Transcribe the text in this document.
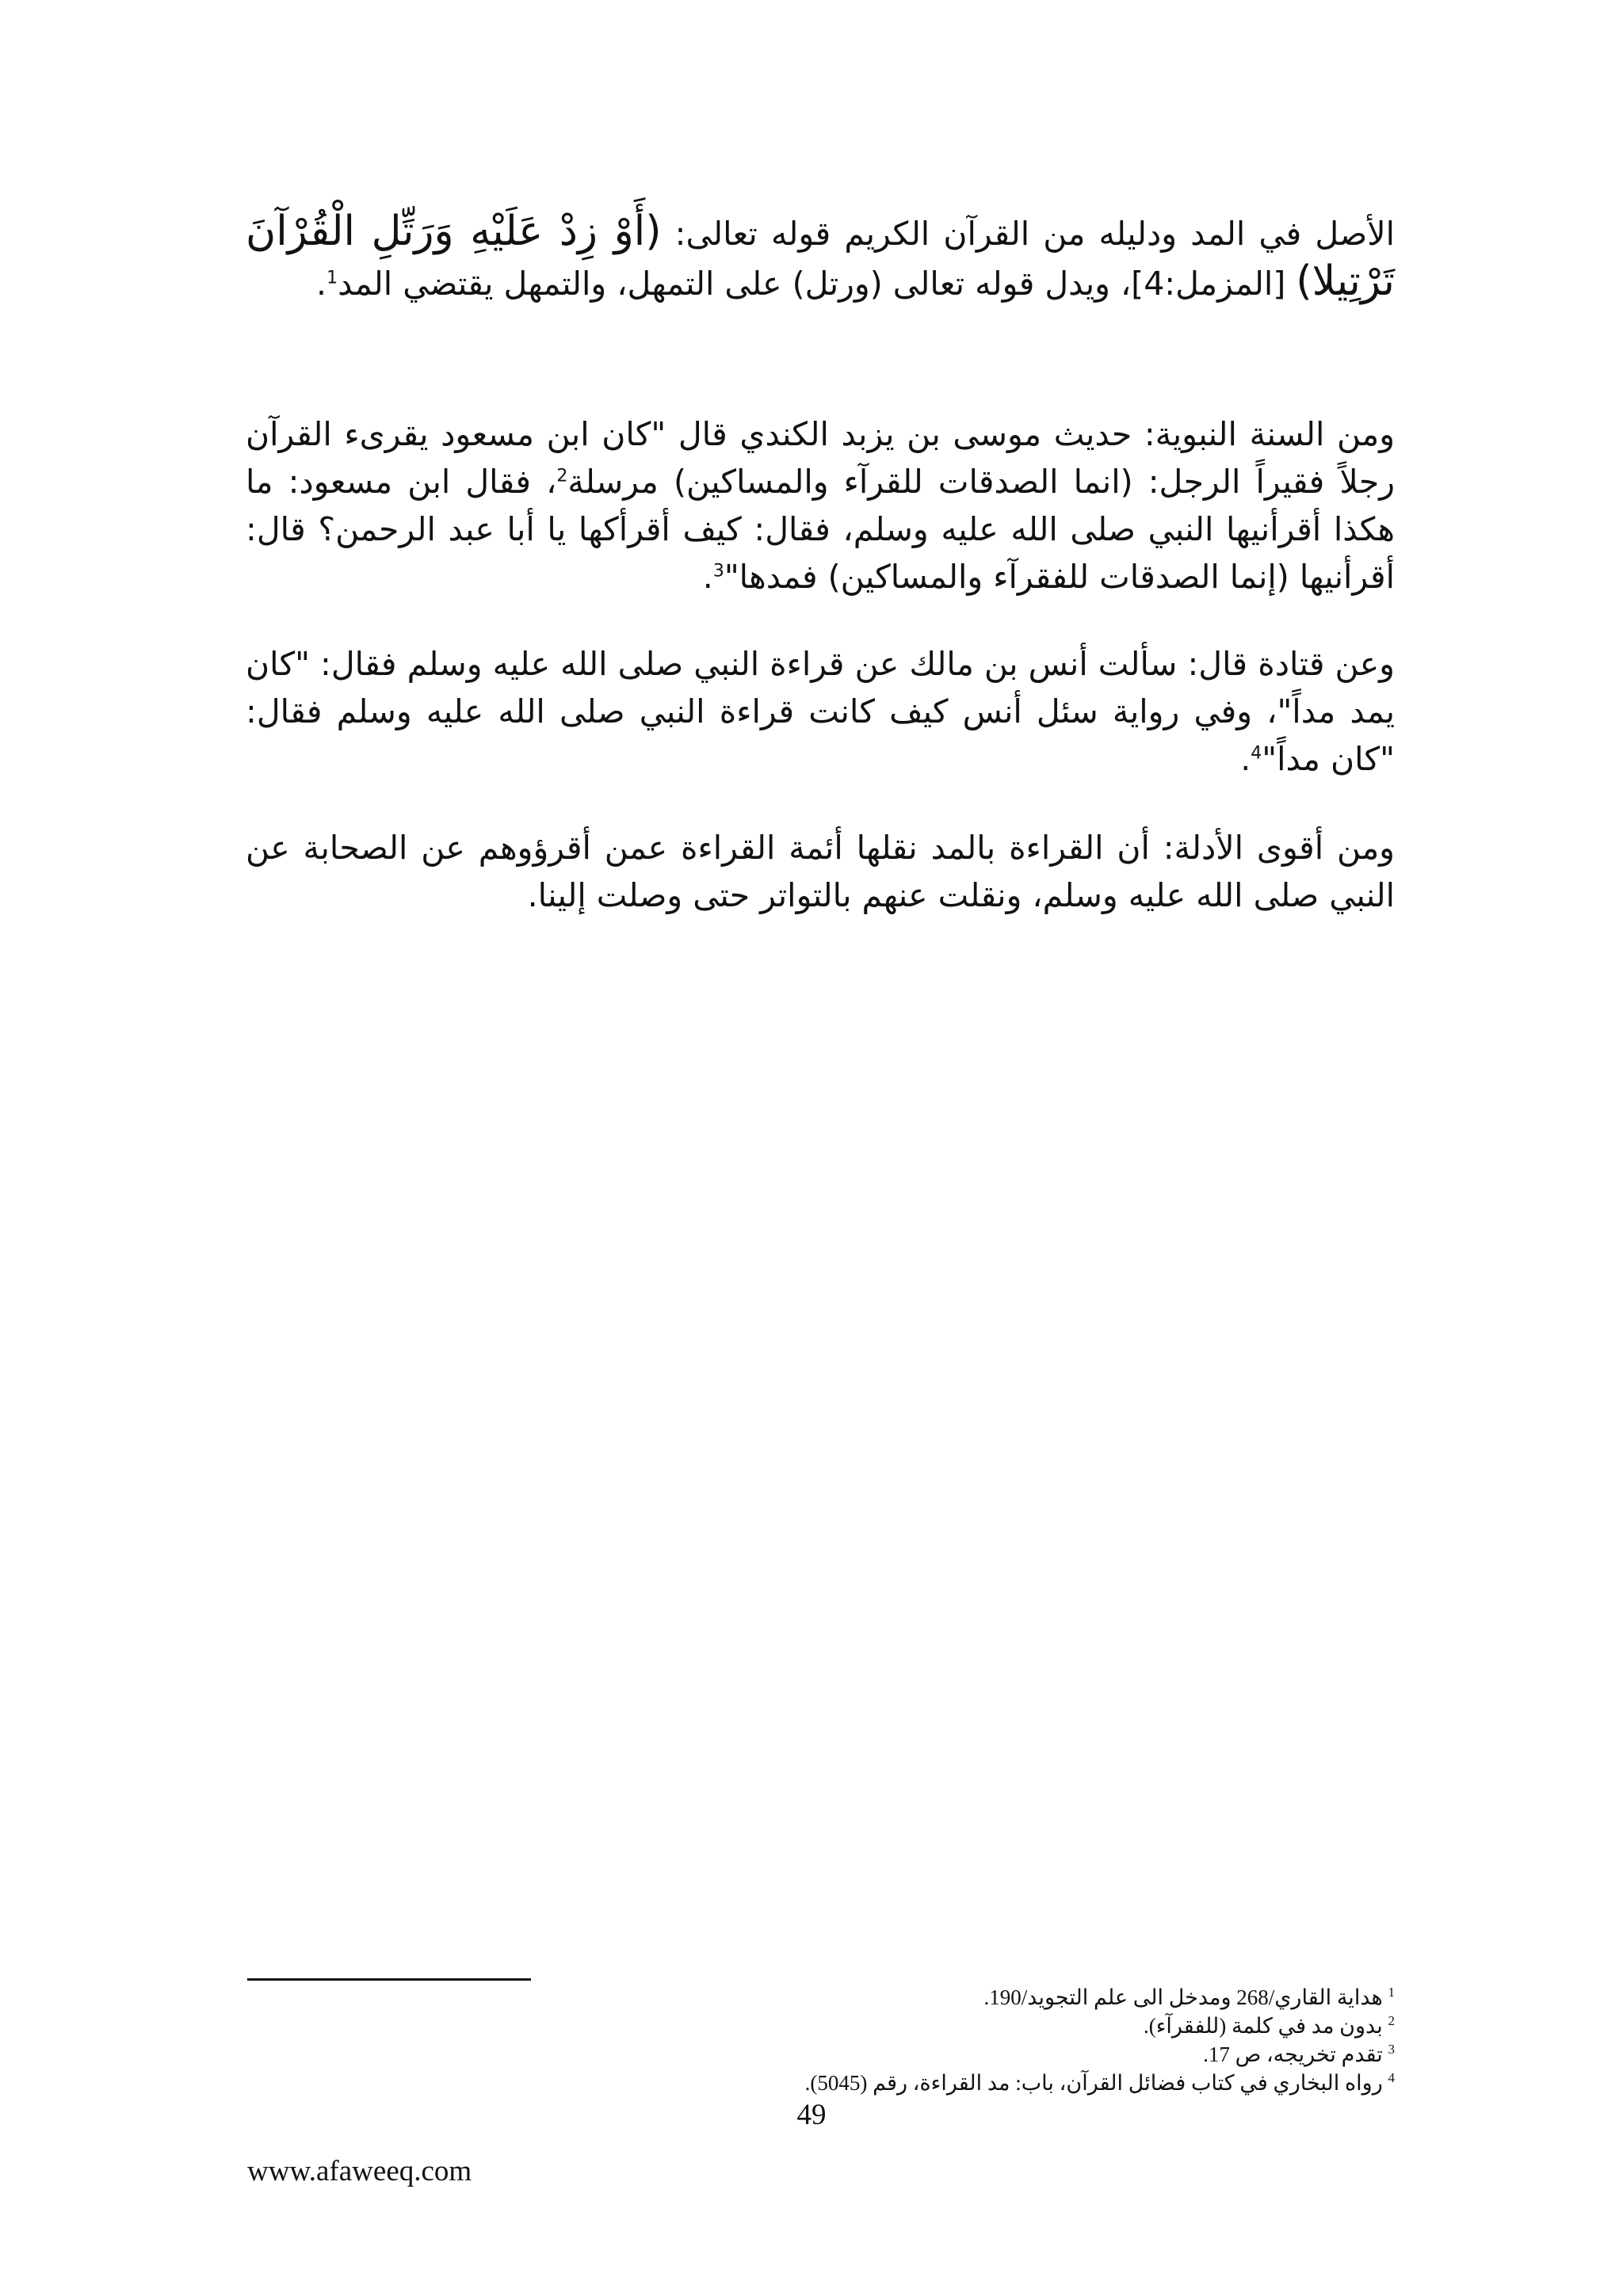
الأصل في المد ودليله من القرآن الكريم قوله تعالى: (أَوْ زِدْ عَلَيْهِ وَرَتِّلِ الْقُرْآنَ تَرْتِيلا) [المزمل:4]، ويدل قوله تعالى (ورتل) على التمهل، والتمهل يقتضي المد$^1$.

ومن السنة النبوية: حديث موسى بن يزبد الكندي قال "كان ابن مسعود يقرىء القرآن رجلاً فقيراً الرجل: (انما الصدقات للقرآء والمساكين) مرسلة$^2$، فقال ابن مسعود: ما هكذا أقرأنيها النبي صلى الله عليه وسلم، فقال: كيف أقرأكها يا أبا عبد الرحمن؟ قال: أقرأنيها (إنما الصدقات للفقرآء والمساكين) فمدها"$^3$.

وعن قتادة قال: سألت أنس بن مالك عن قراءة النبي صلى الله عليه وسلم فقال: "كان يمد مداً"، وفي رواية سئل أنس كيف كانت قراءة النبي صلى الله عليه وسلم فقال: "كان مداً"$^4$.

ومن أقوى الأدلة: أن القراءة بالمد نقلها أئمة القراءة عمن أقرؤوهم عن الصحابة عن النبي صلى الله عليه وسلم، ونقلت عنهم بالتواتر حتى وصلت إلينا.

$^1$ هداية القاري/268 ومدخل الى علم التجويد/190.

$^2$ بدون مد في كلمة (للفقرآء).

$^3$ تقدم تخريجه، ص 17.

$^4$ رواه البخاري في كتاب فضائل القرآن، باب: مد القراءة، رقم (5045).

49
www.afaweeq.com
